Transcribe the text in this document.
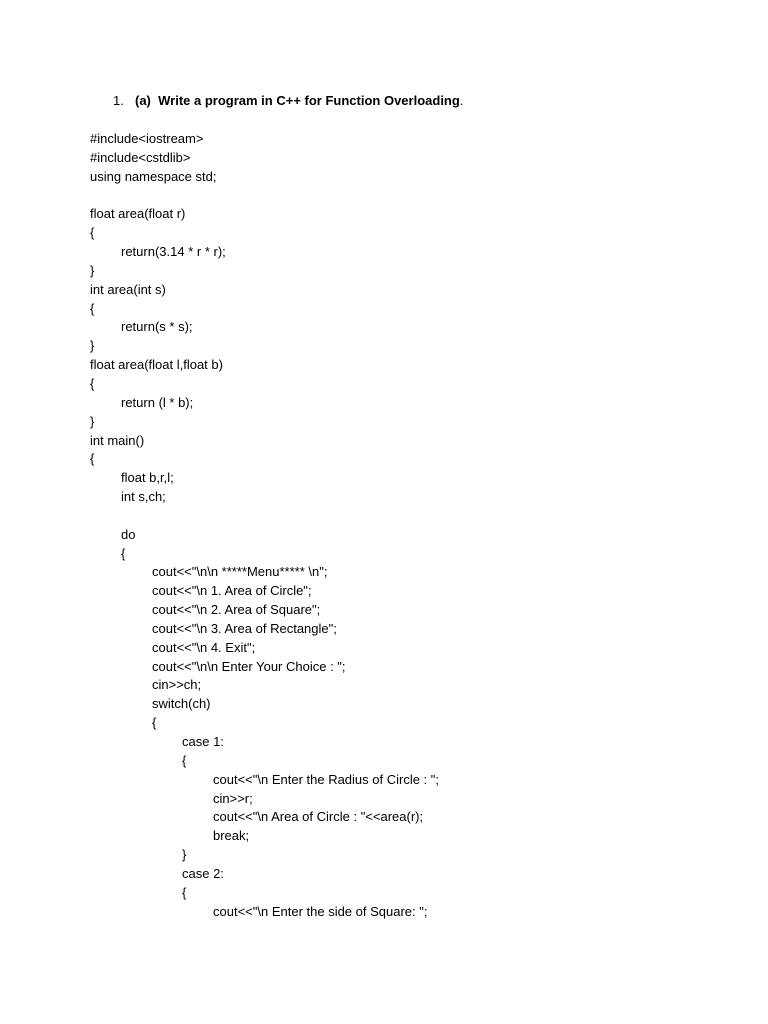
1. (a) Write a program in C++ for Function Overloading.
#include<iostream>
#include<cstdlib>
using namespace std;
float area(float r)
{
return(3.14 * r * r);
}
int area(int s)
{
return(s * s);
}
float area(float l,float b)
{
return (l * b);
}
int main()
{
float b,r,l;
int s,ch;
do
{
cout<<"\n\n *****Menu***** \n";
cout<<"\n 1. Area of Circle";
cout<<"\n 2. Area of Square";
cout<<"\n 3. Area of Rectangle";
cout<<"\n 4. Exit";
cout<<"\n\n Enter Your Choice : ";
cin>>ch;
switch(ch)
{
case 1:
{
cout<<"\n Enter the Radius of Circle : ";
cin>>r;
cout<<"\n Area of Circle : "<<area(r);
break;
}
case 2:
{
cout<<"\n Enter the side of Square: ";
